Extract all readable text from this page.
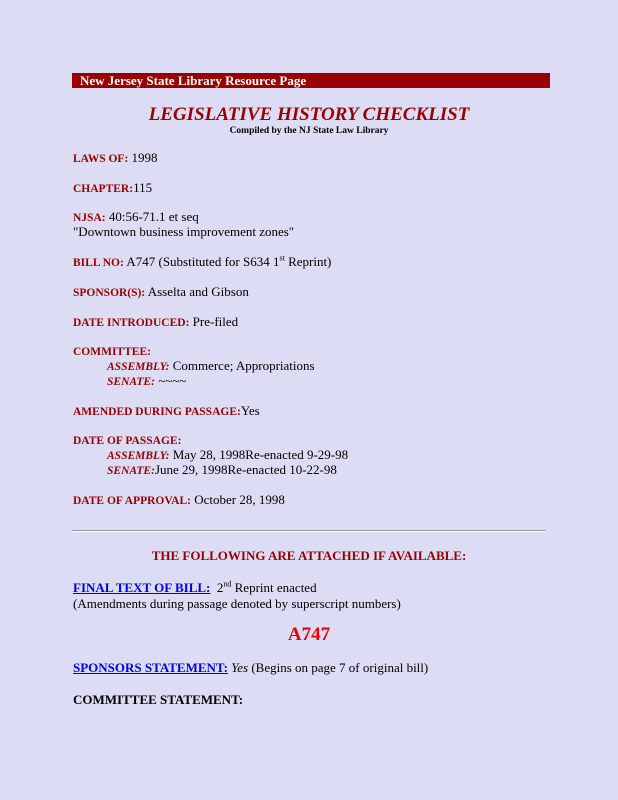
New Jersey State Library Resource Page
LEGISLATIVE HISTORY CHECKLIST
Compiled by the NJ State Law Library
LAWS OF: 1998
CHAPTER:115
NJSA: 40:56-71.1 et seq
"Downtown business improvement zones"
BILL NO: A747 (Substituted for S634 1st Reprint)
SPONSOR(S): Asselta and Gibson
DATE INTRODUCED: Pre-filed
COMMITTEE:
ASSEMBLY: Commerce; Appropriations
SENATE: ~~~~
AMENDED DURING PASSAGE:Yes
DATE OF PASSAGE:
ASSEMBLY: May 28, 1998Re-enacted 9-29-98
SENATE:June 29, 1998Re-enacted 10-22-98
DATE OF APPROVAL: October 28, 1998
THE FOLLOWING ARE ATTACHED IF AVAILABLE:
FINAL TEXT OF BILL:  2nd Reprint enacted
(Amendments during passage denoted by superscript numbers)
A747
SPONSORS STATEMENT: Yes (Begins on page 7 of original bill)
COMMITTEE STATEMENT:
